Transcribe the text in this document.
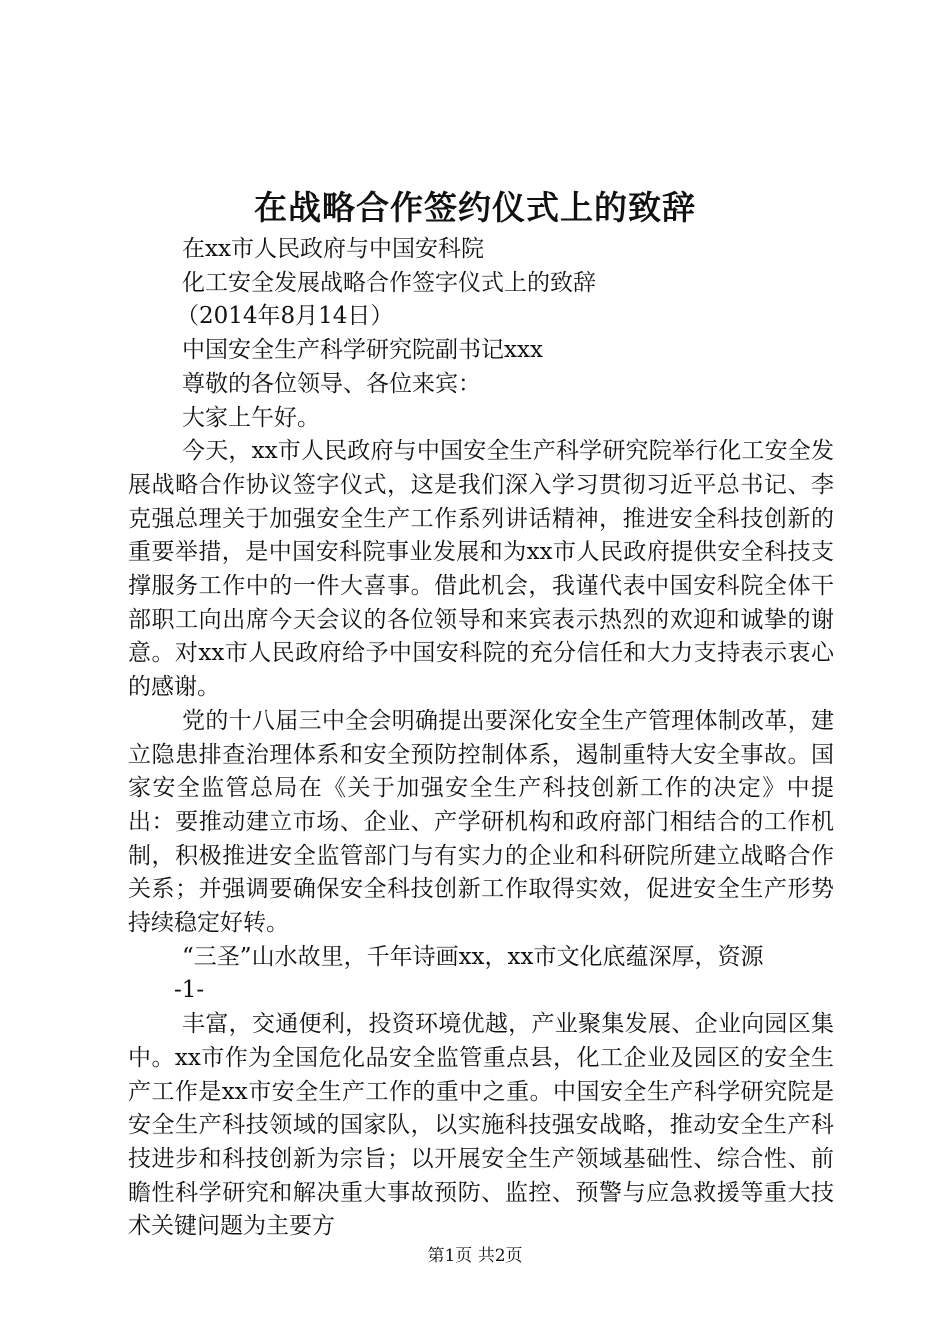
在战略合作签约仪式上的致辞

在xx市人民政府与中国安科院

化工安全发展战略合作签字仪式上的致辞

（2014年8月14日）

中国安全生产科学研究院副书记xxx

尊敬的各位领导、各位来宾：

大家上午好。

今天，xx市人民政府与中国安全生产科学研究院举行化工安全发展战略合作协议签字仪式，这是我们深入学习贯彻习近平总书记、李克强总理关于加强安全生产工作系列讲话精神，推进安全科技创新的重要举措，是中国安科院事业发展和为xx市人民政府提供安全科技支撑服务工作中的一件大喜事。借此机会，我谨代表中国安科院全体干部职工向出席今天会议的各位领导和来宾表示热烈的欢迎和诚挚的谢意。对xx市人民政府给予中国安科院的充分信任和大力支持表示衷心的感谢。

党的十八届三中全会明确提出要深化安全生产管理体制改革，建立隐患排查治理体系和安全预防控制体系，遏制重特大安全事故。国家安全监管总局在《关于加强安全生产科技创新工作的决定》中提出：要推动建立市场、企业、产学研机构和政府部门相结合的工作机制，积极推进安全监管部门与有实力的企业和科研院所建立战略合作关系；并强调要确保安全科技创新工作取得实效，促进安全生产形势持续稳定好转。

“三圣”山水故里，千年诗画xx，xx市文化底蕴深厚，资源

-1-

丰富，交通便利，投资环境优越，产业聚集发展、企业向园区集中。xx市作为全国危化品安全监管重点县，化工企业及园区的安全生产工作是xx市安全生产工作的重中之重。中国安全生产科学研究院是安全生产科技领域的国家队，以实施科技强安战略，推动安全生产科技进步和科技创新为宗旨；以开展安全生产领域基础性、综合性、前瞻性科学研究和解决重大事故预防、监控、预警与应急救援等重大技术关键问题为主要方

第1页 共2页
